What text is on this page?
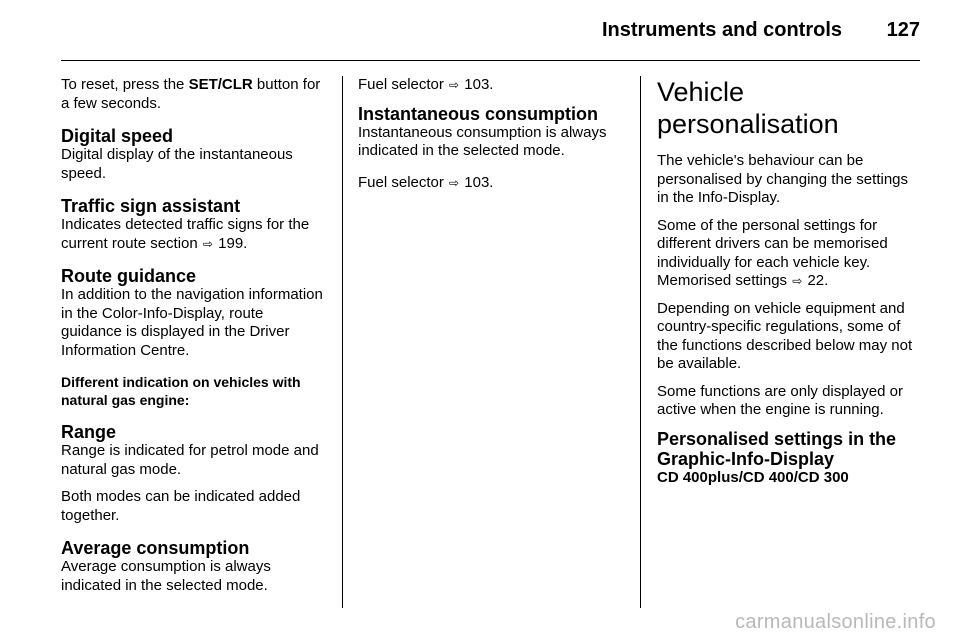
Instruments and controls 127

To reset, press the SET/CLR button for a few seconds.

Digital speed

Digital display of the instantaneous speed.

Traffic sign assistant

Indicates detected traffic signs for the current route section ⇨ 199.

Route guidance

In addition to the navigation information in the Color-Info-Display, route guidance is displayed in the Driver Information Centre.

Different indication on vehicles with natural gas engine:

Range

Range is indicated for petrol mode and natural gas mode.

Both modes can be indicated added together.

Average consumption

Average consumption is always indicated in the selected mode.

Fuel selector ⇨ 103.

Instantaneous consumption

Instantaneous consumption is always indicated in the selected mode.

Fuel selector ⇨ 103.

Vehicle personalisation

The vehicle's behaviour can be personalised by changing the settings in the Info-Display.

Some of the personal settings for different drivers can be memorised individually for each vehicle key. Memorised settings ⇨ 22.

Depending on vehicle equipment and country-specific regulations, some of the functions described below may not be available.

Some functions are only displayed or active when the engine is running.

Personalised settings in the Graphic-Info-Display

CD 400plus/CD 400/CD 300

carmanualsonline.info
